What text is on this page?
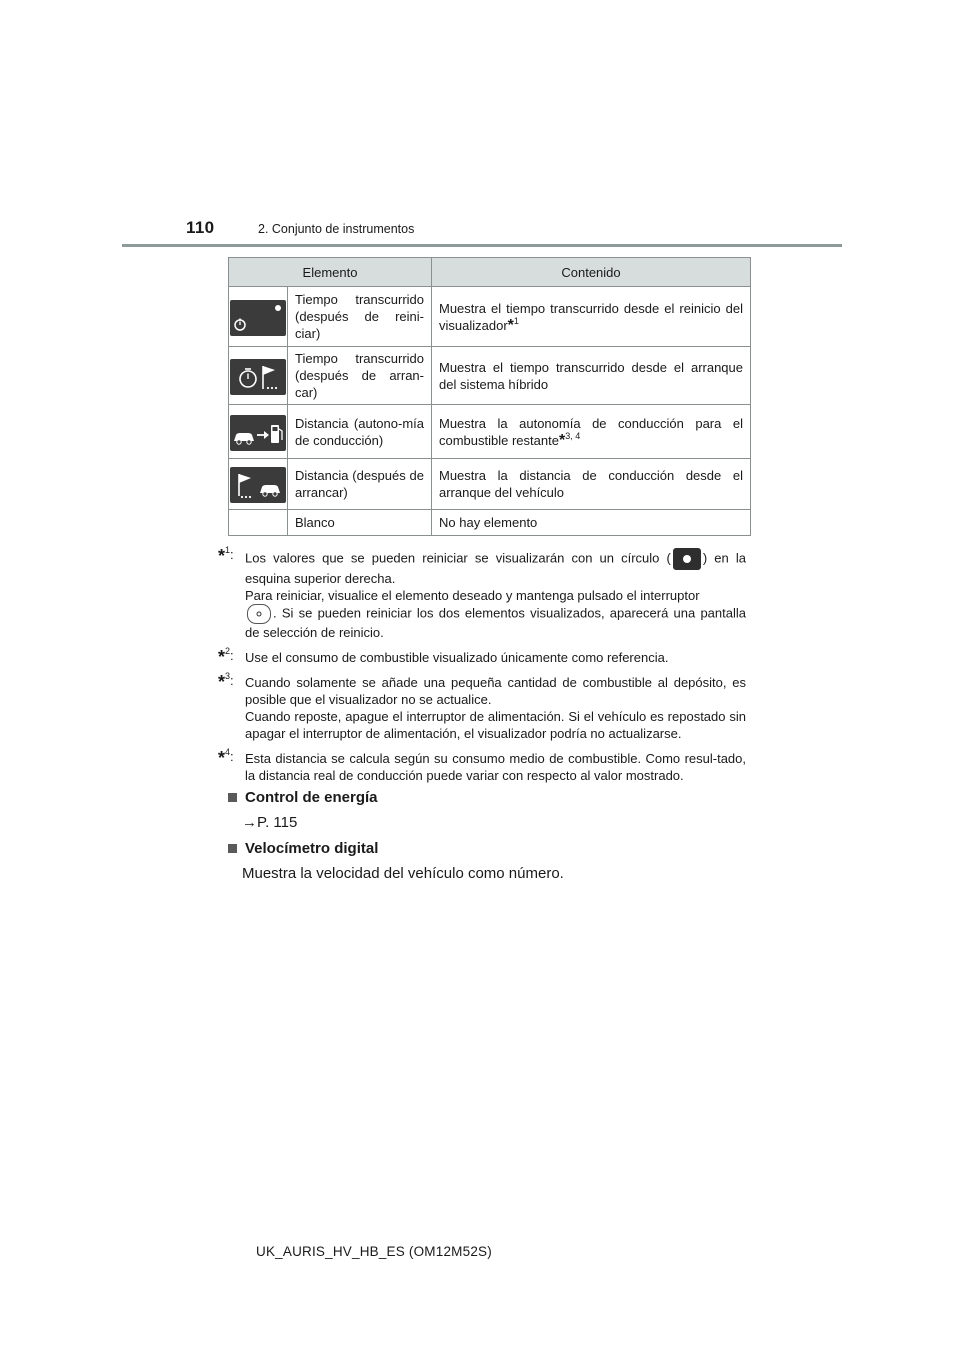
110	2. Conjunto de instrumentos
Elemento		Contenido

	Tiempo transcurrido (después de reini-ciar)	Muestra el tiempo transcurrido desde el reinicio del visualizador*$^1$

	Tiempo transcurrido (después de arran-car)	Muestra el tiempo transcurrido desde el arranque del sistema híbrido

	Distancia (autono-mía de conducción)	Muestra la autonomía de conducción para el combustible restante*$^{3, 4}$

	Distancia (después de arrancar)	Muestra la distancia de conducción desde el arranque del vehículo
	Blanco	No hay elemento
*$^1$: Los valores que se pueden reiniciar se visualizarán con un círculo ( ) en la esquina superior derecha.

Para reiniciar, visualice el elemento deseado y mantenga pulsado el interruptor

. Si se pueden reiniciar los dos elementos visualizados, aparecerá una pantalla de selección de reinicio.

*$^2$: Use el consumo de combustible visualizado únicamente como referencia.

*$^3$: Cuando solamente se añade una pequeña cantidad de combustible al depósito, es posible que el visualizador no se actualice.

Cuando reposte, apague el interruptor de alimentación. Si el vehículo es repostado sin apagar el interruptor de alimentación, el visualizador podría no actualizarse.

*$^4$: Esta distancia se calcula según su consumo medio de combustible. Como resul-tado, la distancia real de conducción puede variar con respecto al valor mostrado.

Control de energía
→P. 115
Velocímetro digital
Muestra la velocidad del vehículo como número.
UK_AURIS_HV_HB_ES (OM12M52S)
